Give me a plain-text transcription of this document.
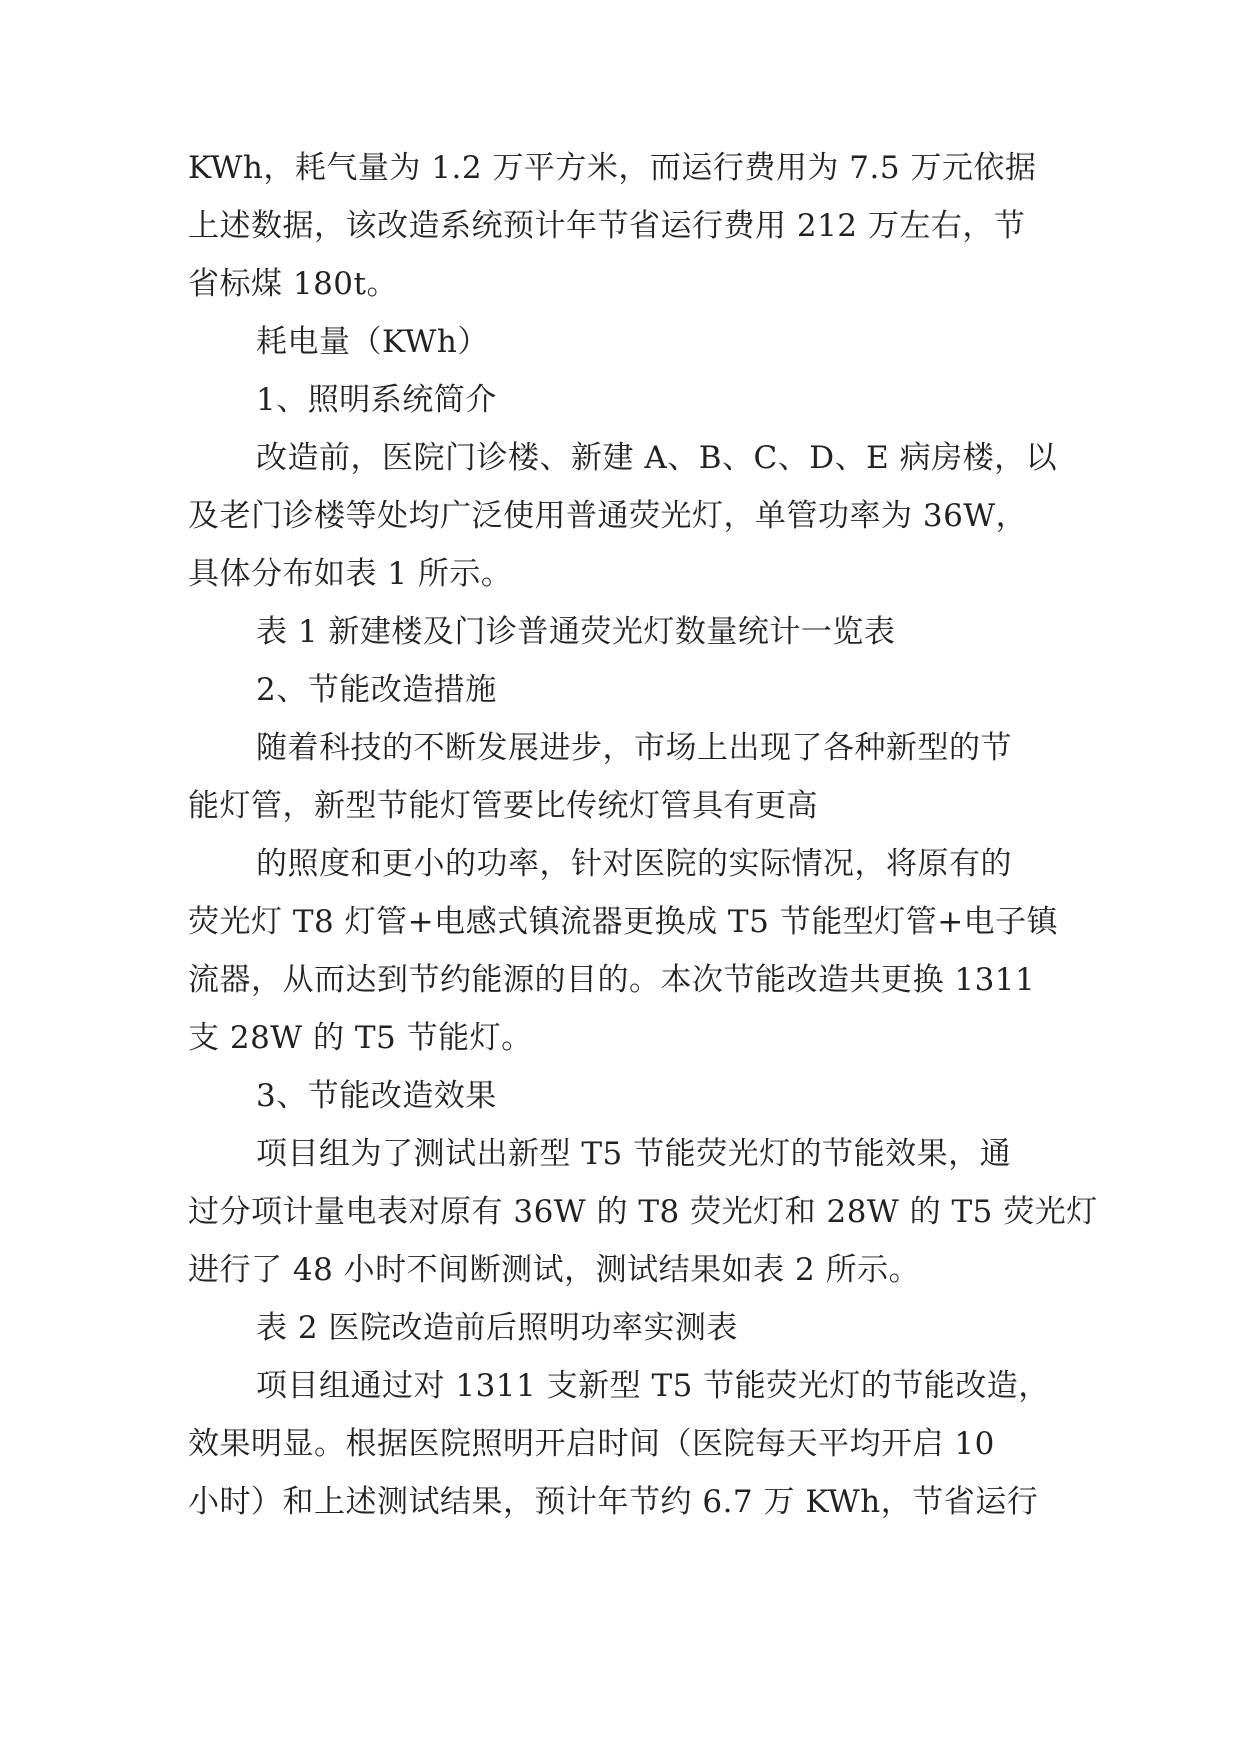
KWh，耗气量为 1.2 万平方米，而运行费用为 7.5 万元依据
上述数据，该改造系统预计年节省运行费用 212 万左右，节
省标煤 180t。
耗电量（KWh）
1、照明系统简介
改造前，医院门诊楼、新建 A、B、C、D、E 病房楼，以
及老门诊楼等处均广泛使用普通荧光灯，单管功率为 36W，
具体分布如表 1 所示。
表 1 新建楼及门诊普通荧光灯数量统计一览表
2、节能改造措施
随着科技的不断发展进步，市场上出现了各种新型的节
能灯管，新型节能灯管要比传统灯管具有更高
的照度和更小的功率，针对医院的实际情况，将原有的
荧光灯 T8 灯管+电感式镇流器更换成 T5 节能型灯管+电子镇
流器，从而达到节约能源的目的。本次节能改造共更换 1311
支 28W 的 T5 节能灯。
3、节能改造效果
项目组为了测试出新型 T5 节能荧光灯的节能效果，通
过分项计量电表对原有 36W 的 T8 荧光灯和 28W 的 T5 荧光灯
进行了 48 小时不间断测试，测试结果如表 2 所示。
表 2 医院改造前后照明功率实测表
项目组通过对 1311 支新型 T5 节能荧光灯的节能改造，
效果明显。根据医院照明开启时间（医院每天平均开启 10
小时）和上述测试结果，预计年节约 6.7 万 KWh，节省运行
